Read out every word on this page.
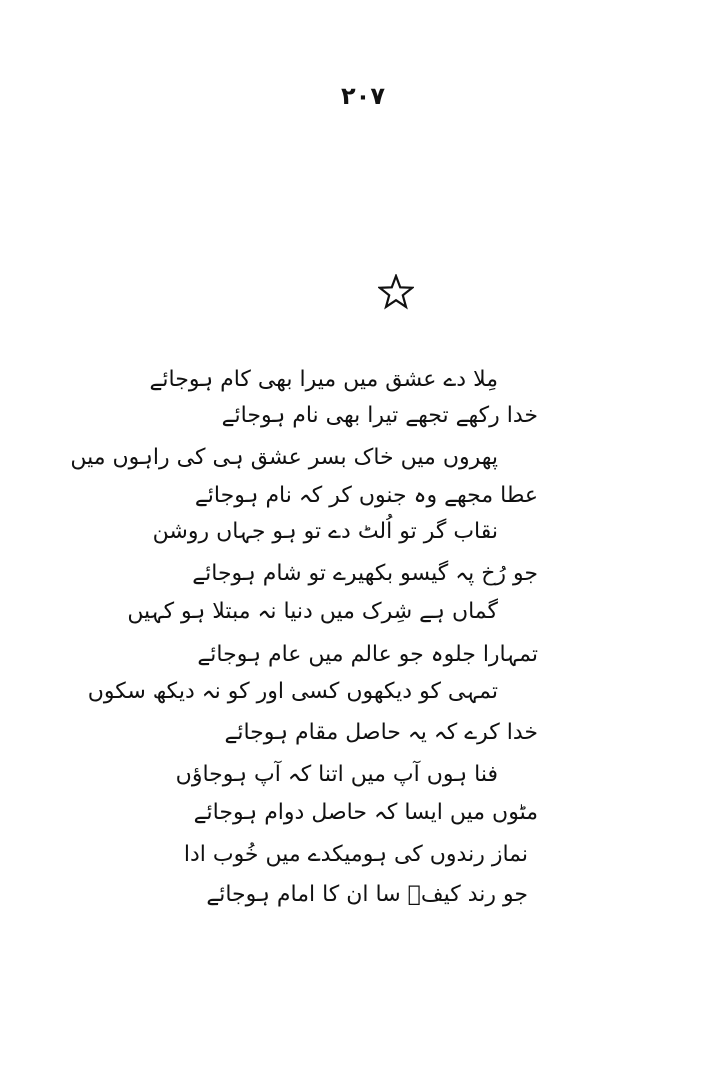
۲۰۷
مِلا دے عشق میں میرا بھی کام ہوجائے
خدا رکھے تجھے تیرا بھی نام ہوجائے
پھروں میں خاک بسر عشق ہی کی راہوں میں
عطا مجھے وہ جنوں کر کہ نام ہوجائے
نقاب گر تو اُلٹ دے تو ہو جہاں روشن
جو رُخ پہ گیسو بکھیرے تو شام ہوجائے
گماں ہے شِرک میں دنیا نہ مبتلا ہو کہیں
تمہارا جلوہ جو عالم میں عام ہوجائے
تمہی کو دیکھوں کسی اور کو نہ دیکھ سکوں
خدا کرے کہ یہ حاصل مقام ہوجائے
فنا ہوں آپ میں اتنا کہ آپ ہوجاؤں
مٹوں میں ایسا کہ حاصل دوام ہوجائے
نماز رندوں کی ہومیکدے میں خُوب ادا
جو رند کیفؔ سا ان کا امام ہوجائے
